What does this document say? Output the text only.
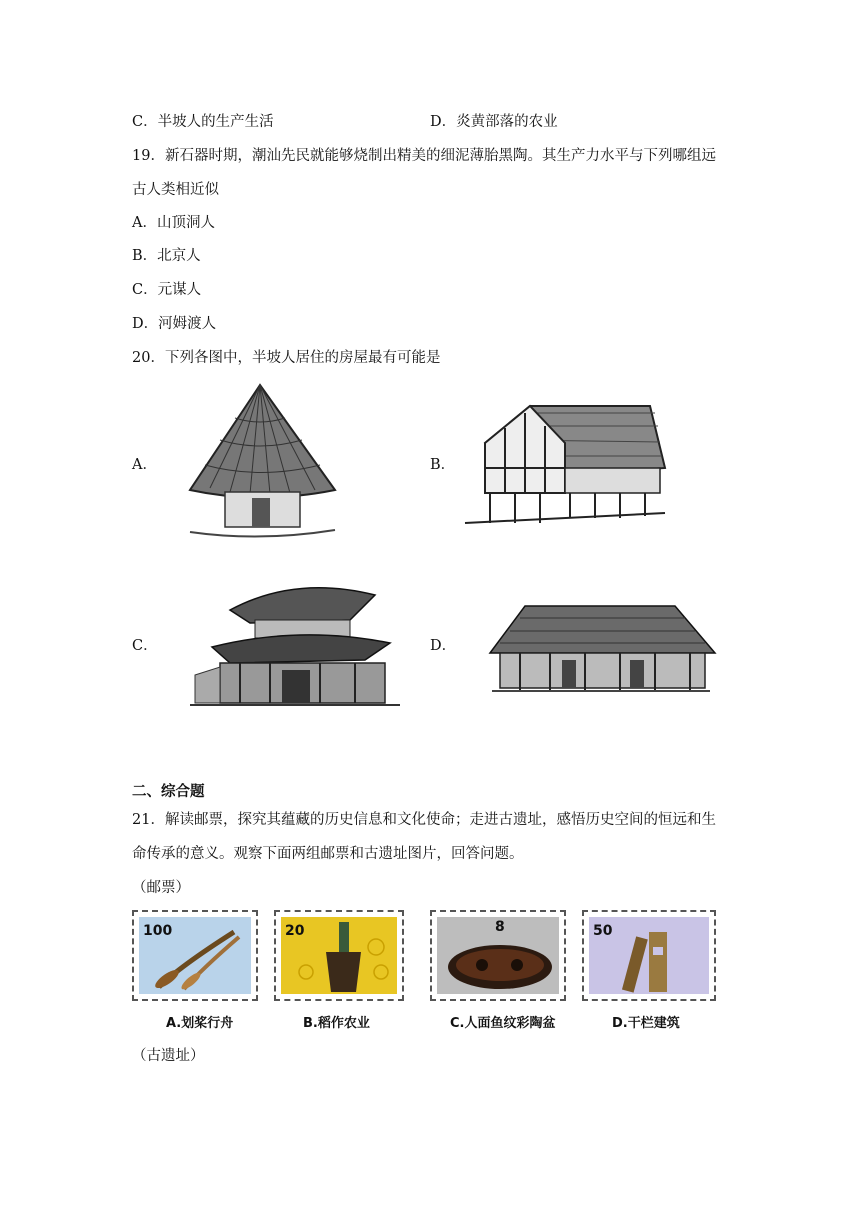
C．半坡人的生产生活	D．炎黄部落的农业
19．新石器时期，潮汕先民就能够烧制出精美的细泥薄胎黑陶。其生产力水平与下列哪组远
古人类相近似
A．山顶洞人
B．北京人
C．元谋人
D．河姆渡人
20．下列各图中，半坡人居住的房屋最有可能是
A．	B．
C．	D．
二、综合题
21．解读邮票，探究其蕴藏的历史信息和文化使命；走进古遗址，感悟历史空间的恒远和生
命传承的意义。观察下面两组邮票和古遗址图片，回答问题。
（邮票）
100
A.划桨行舟
20
B.稻作农业
8
C.人面鱼纹彩陶盆
50
D.干栏建筑
（古遗址）
